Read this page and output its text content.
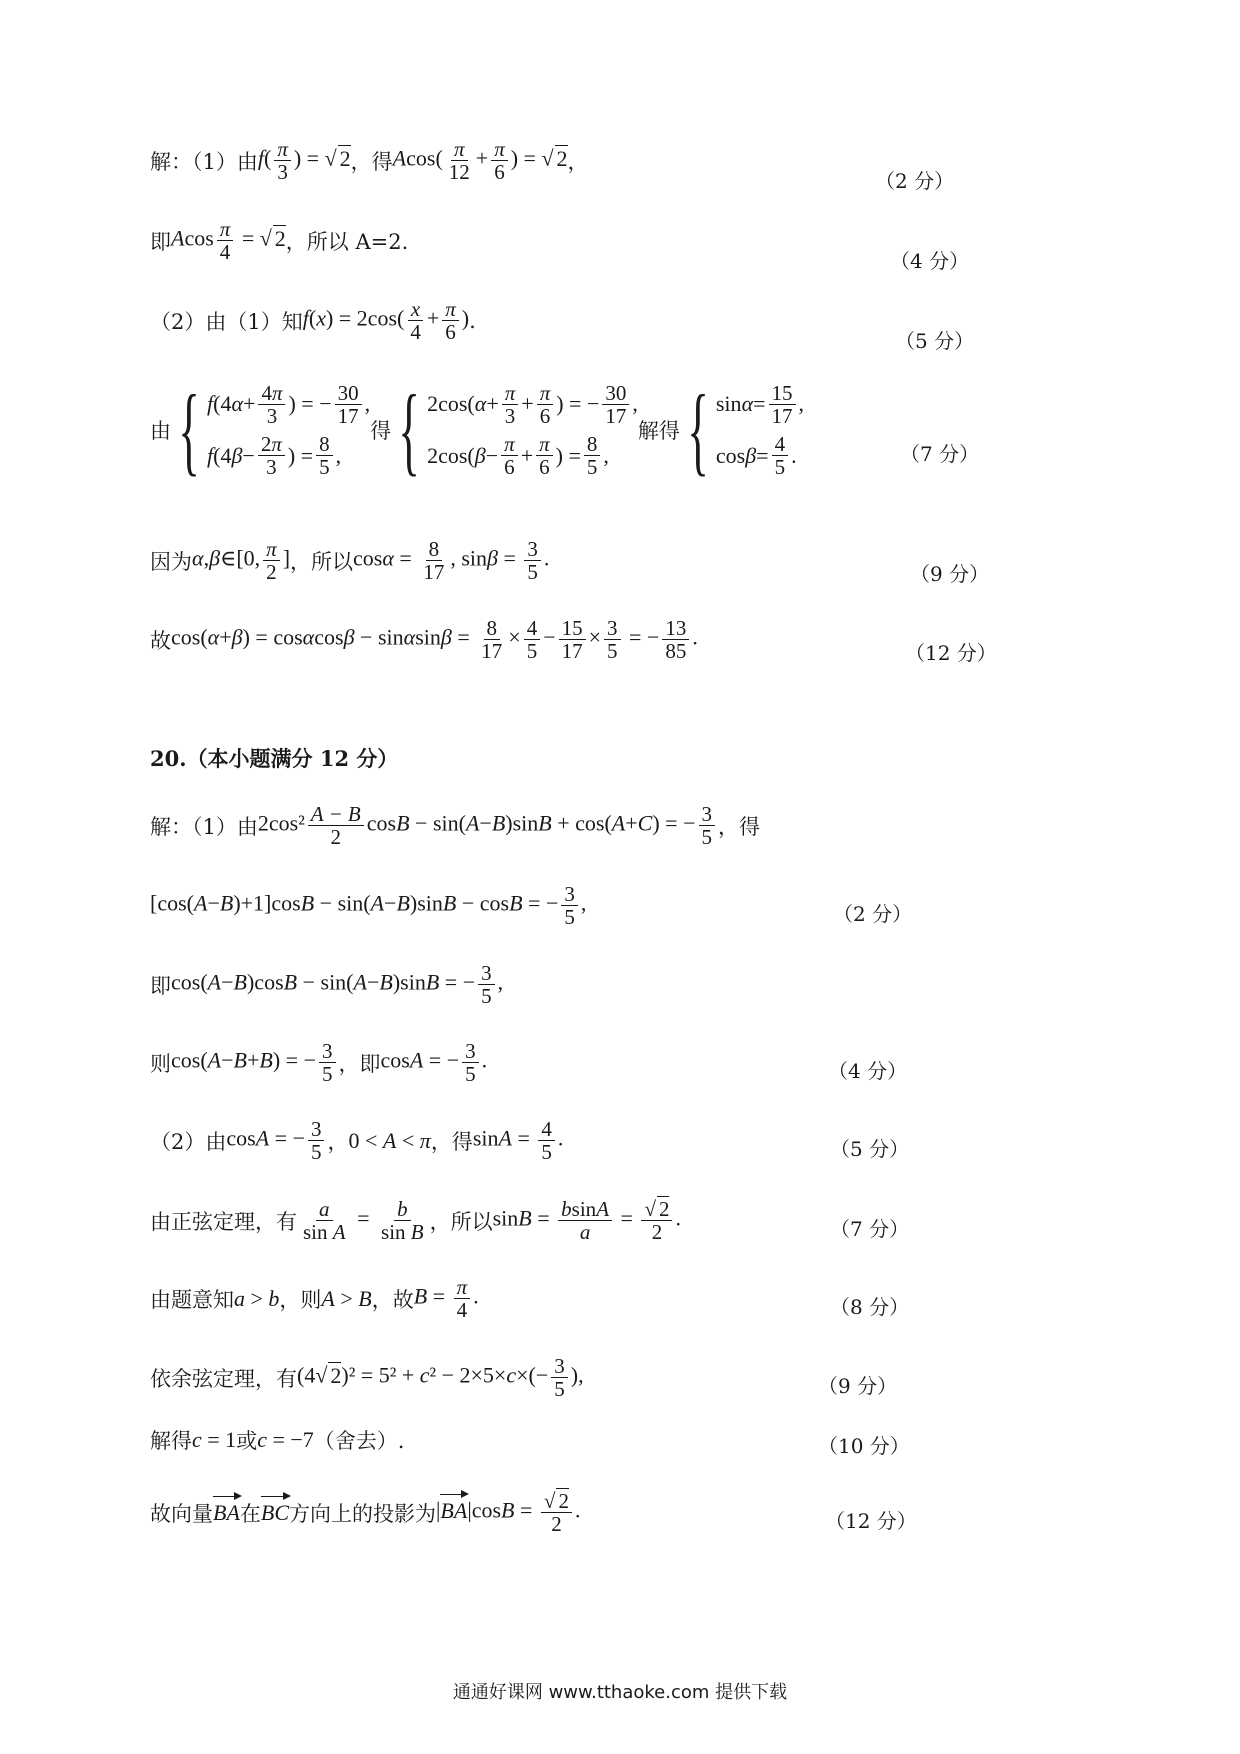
解：（1）由 $f( \frac{\pi}{3}$ ) = √ 2 ，得 $Acos( \frac{\pi}{12} + \frac{\pi}{6}$ ) = √ 2 ，
（2 分）
即 Acos $\frac{\pi}{4}$ = √ 2 ，所以 A=2.
（4 分）
（2）由（1）知 $f(x) = 2\cos( \frac{x}{4} + \frac{\pi}{6}$ ) .
（5 分）
由 { f (4 $\alpha + \frac{4\pi}{3}$ ) = − $\frac{30}{17}$ ,
f (4 $\beta - \frac{2\pi}{3}$ ) = $\frac{8}{5}$ ,
得 { 2cos( $\alpha + \frac{\pi}{3} + \frac{\pi}{6}$ ) = − $\frac{30}{17}$ ,
2cos( $\beta - \frac{\pi}{6} + \frac{\pi}{6}$ ) = $\frac{8}{5}$ ,
解得 { $\sin \alpha = \frac{15}{17}$ ,
$\cos \beta = \frac{4}{5}$ .	（7 分）
因为 α,β∈[0, $\frac{\pi}{2}$ ] ，所以 $\cos\alpha = \frac{8}{17}$ , $\sin\beta = \frac{3}{5}$ .
（9 分）
故 $\cos(\alpha+\beta) = \cos\alpha\cos\beta - \sin\alpha\sin\beta = \frac{8}{17} \times \frac{4}{5} - \frac{15}{17} \times \frac{3}{5}$ = − $\frac{13}{85}$ .
（12 分）
20.（本小题满分 12 分）
解：（1）由 $2\cos^2 \frac{A - B}{2}$ cosB − sin(A−B)sinB + cos(A+C) = − $\frac{3}{5}$ ，得
[cos(A−B)+1]cosB − sin(A−B)sinB − cosB = − $\frac{3}{5}$ ,	（2 分）
即 cos(A−B)cosB − sin(A−B)sinB = − $\frac{3}{5}$ ,
则 cos(A−B+B) = − $\frac{3}{5}$ ，即 cosA = − $\frac{3}{5}$ .	（4 分）
（2）由 cosA = − $\frac{3}{5}$ ， 0 < A < π ，得 $\sin A = \frac{4}{5}$ .	（5 分）
由正弦定理，有 $\frac{a}{\text{sin A}} = \frac{b}{\text{sin B}}$ ，所以 $\sin B = \frac{bsinA}{a} = \frac{√ 2}{2}$ .	（7 分）
由题意知 a > b ，则 A > B ，故 $B = \frac{\pi}{4}$ .	（8 分）
依余弦定理，有 (4√ $2)^2 = 5^2 + c^2 - 2\times 5\times c\times(- \frac{3}{5}$ ),	（9 分）
解得 c = 1 或 c = −7 （舍去）.	（10 分）
故向量 BA 在 BC 方向上的投影为 $|BA|\cos B = \frac{√ 2}{2}$ .	（12 分）
通通好课网 www.tthaoke.com 提供下载
